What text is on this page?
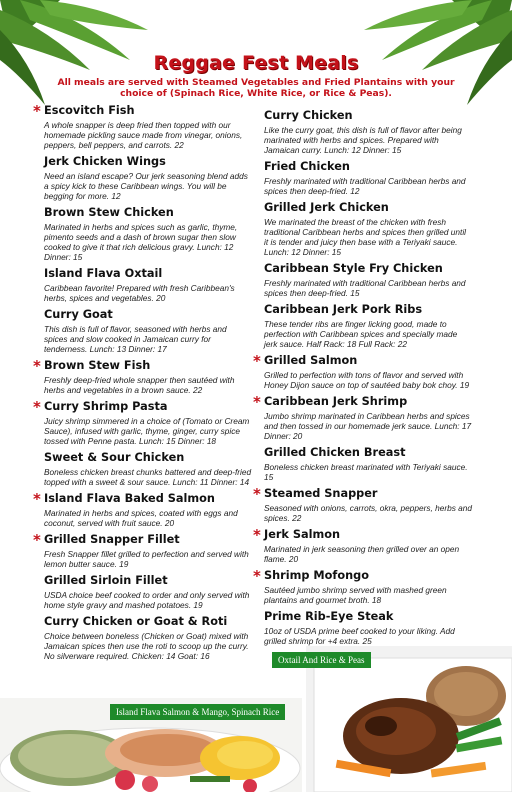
Reggae Fest Meals
All meals are served with Steamed Vegetables and Fried Plantains with your choice of (Spinach Rice, White Rice, or Rice & Peas).
* Escovitch Fish
A whole snapper is deep fried then topped with our homemade pickling sauce made from vinegar, onions, peppers, bell peppers, and carrots. 22
Jerk Chicken Wings
Need an island escape? Our jerk seasoning blend adds a spicy kick to these Caribbean wings. You will be begging for more. 12
Brown Stew Chicken
Marinated in herbs and spices such as garlic, thyme, pimento seeds and a dash of brown sugar then slow cooked to give it that rich delicious gravy. Lunch: 12 Dinner: 15
Island Flava Oxtail
Caribbean favorite! Prepared with fresh Caribbean's herbs, spices and vegetables. 20
Curry Goat
This dish is full of flavor, seasoned with herbs and spices and slow cooked in Jamaican curry for tenderness. Lunch: 13 Dinner: 17
* Brown Stew Fish
Freshly deep-fried whole snapper then sautéed with herbs and vegetables in a brown sauce. 22
* Curry Shrimp Pasta
Juicy shrimp simmered in a choice of (Tomato or Cream Sauce), infused with garlic, thyme, ginger, curry spice tossed with Penne pasta. Lunch: 15 Dinner: 18
Sweet & Sour Chicken
Boneless chicken breast chunks battered and deep-fried topped with a sweet & sour sauce. Lunch: 11 Dinner: 14
* Island Flava Baked Salmon
Marinated in herbs and spices, coated with eggs and coconut, served with fruit sauce. 20
* Grilled Snapper Fillet
Fresh Snapper fillet grilled to perfection and served with lemon butter sauce. 19
Grilled Sirloin Fillet
USDA choice beef cooked to order and only served with home style gravy and mashed potatoes. 19
Curry Chicken or Goat & Roti
Choice between boneless (Chicken or Goat) mixed with Jamaican spices then use the roti to scoop up the curry. No silverware required. Chicken: 14 Goat: 16
Curry Chicken
Like the curry goat, this dish is full of flavor after being marinated with herbs and spices. Prepared with Jamaican curry. Lunch: 12 Dinner: 15
Fried Chicken
Freshly marinated with traditional Caribbean herbs and spices then deep-fried. 12
Grilled Jerk Chicken
We marinated the breast of the chicken with fresh traditional Caribbean herbs and spices then grilled until it is tender and juicy then base with a Teriyaki sauce. Lunch: 12 Dinner: 15
Caribbean Style Fry Chicken
Freshly marinated with traditional Caribbean herbs and spices then deep-fried. 15
Caribbean Jerk Pork Ribs
These tender ribs are finger licking good, made to perfection with Caribbean spices and specially made jerk sauce. Half Rack: 18 Full Rack: 22
* Grilled Salmon
Grilled to perfection with tons of flavor and served with Honey Dijon sauce on top of sautéed baby bok choy. 19
* Caribbean Jerk Shrimp
Jumbo shrimp marinated in Caribbean herbs and spices and then tossed in our homemade jerk sauce. Lunch: 17 Dinner: 20
Grilled Chicken Breast
Boneless chicken breast marinated with Teriyaki sauce. 15
* Steamed Snapper
Seasoned with onions, carrots, okra, peppers, herbs and spices. 22
* Jerk Salmon
Marinated in jerk seasoning then grilled over an open flame. 20
* Shrimp Mofongo
Sautéed jumbo shrimp served with mashed green plantains and gourmet broth. 18
Prime Rib-Eye Steak
10oz of USDA prime beef cooked to your liking. Add grilled shrimp for +4 extra. 25
Island Flava Salmon & Mango, Spinach Rice
Oxtail And Rice & Peas
